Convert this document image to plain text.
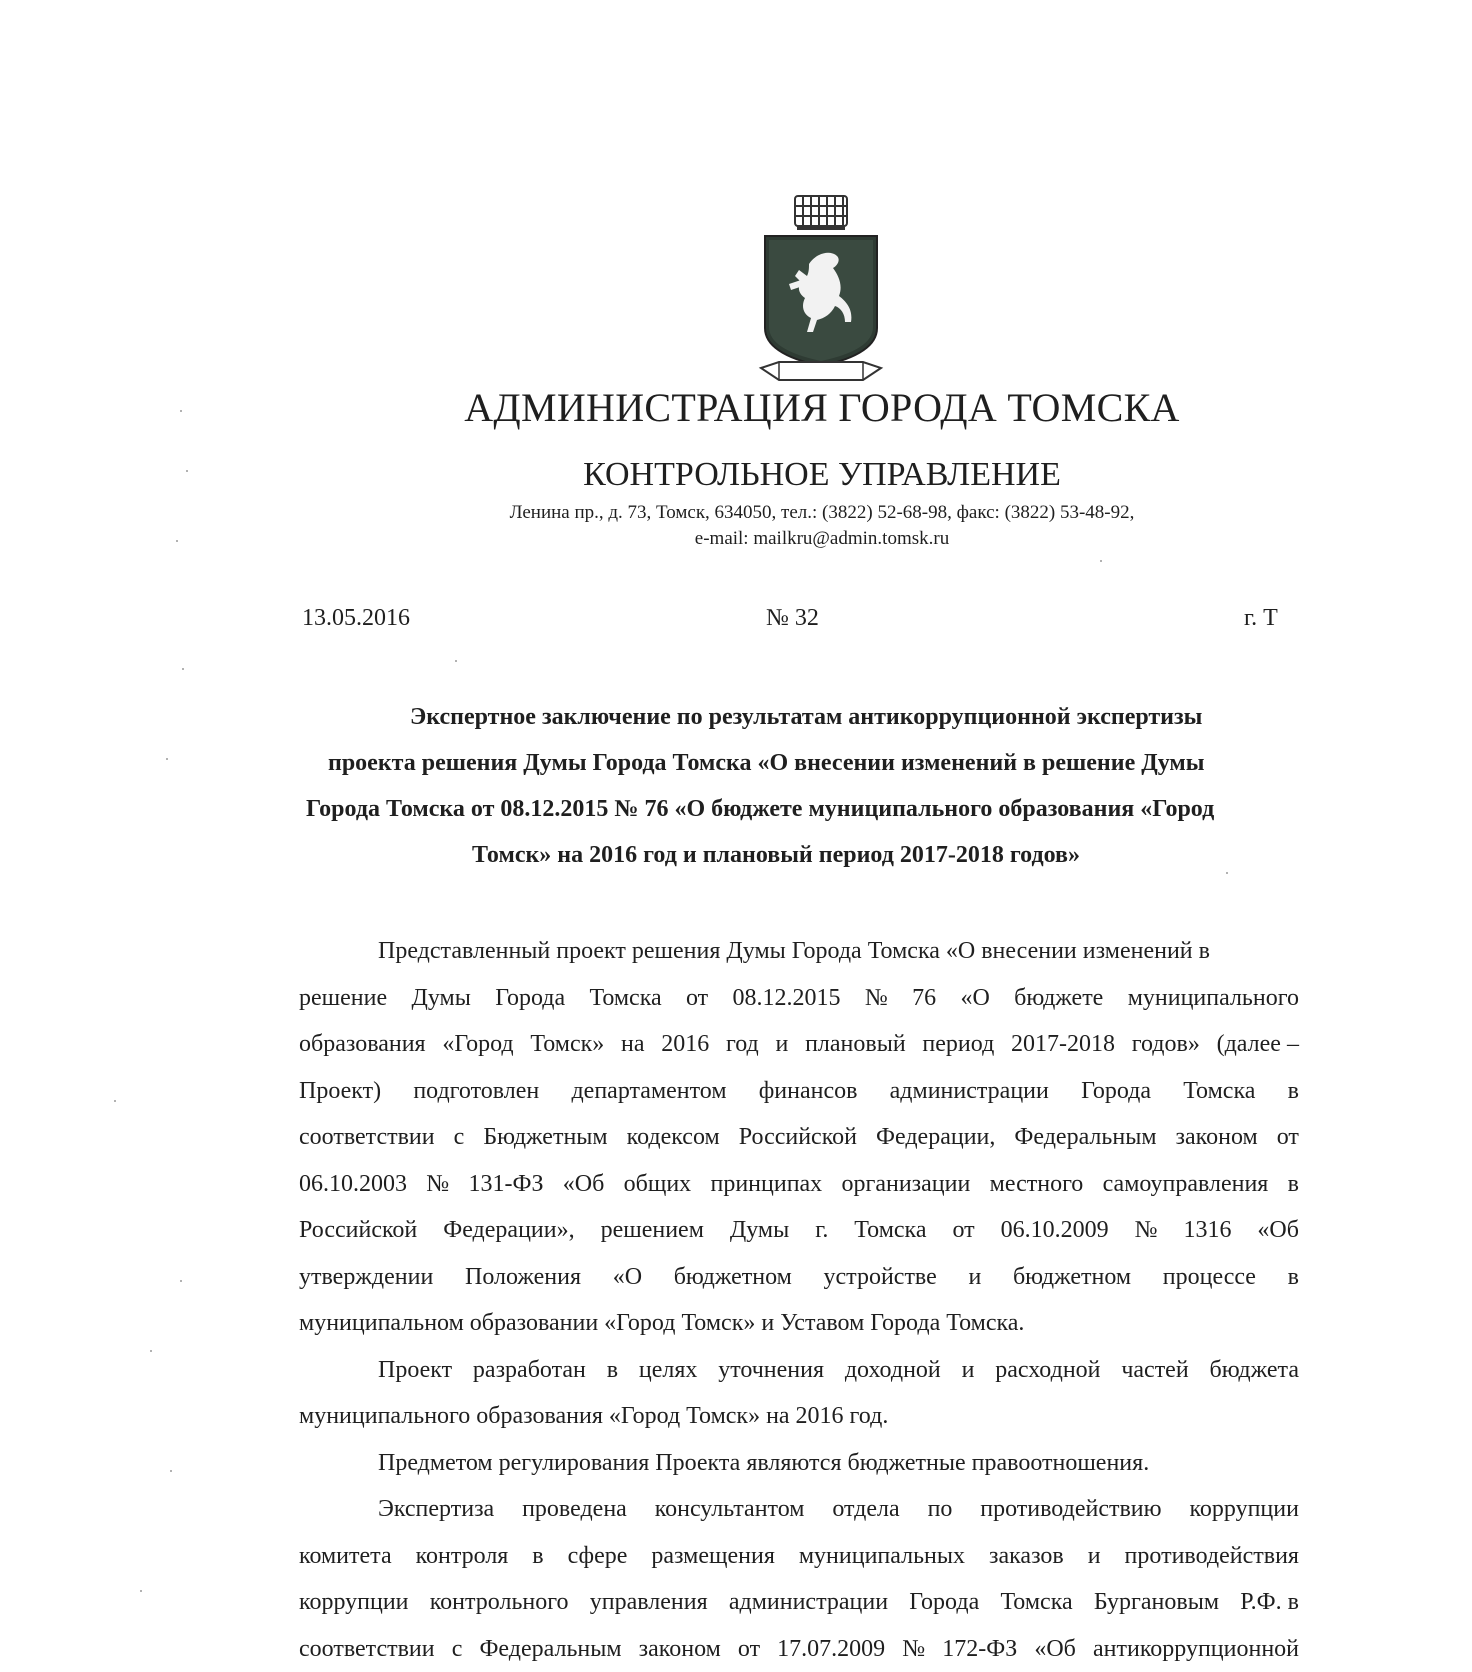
АДМИНИСТРАЦИЯ ГОРОДА ТОМСКА
КОНТРОЛЬНОЕ УПРАВЛЕНИЕ
Ленина пр., д. 73, Томск, 634050, тел.: (3822) 52-68-98, факс: (3822) 53-48-92,
e-mail: mailkru@admin.tomsk.ru
13.05.2016	№ 32	г. Т
Экспертное заключение по результатам антикоррупционной экспертизы
проекта решения Думы Города Томска «О внесении изменений в решение Думы
Города Томска от 08.12.2015 № 76 «О бюджете муниципального образования «Город
Томск» на 2016 год и плановый период 2017-2018 годов»

Представленный проект решения Думы Города Томска «О внесении изменений в

решение Думы Города Томска от 08.12.2015 № 76 «О бюджете муниципального

образования «Город Томск» на 2016 год и плановый период 2017-2018 годов» (далее –

Проект) подготовлен департаментом финансов администрации Города Томска в

соответствии с Бюджетным кодексом Российской Федерации, Федеральным законом от

06.10.2003 № 131-ФЗ «Об общих принципах организации местного самоуправления в

Российской Федерации», решением Думы г. Томска от 06.10.2009 № 1316 «Об

утверждении Положения «О бюджетном устройстве и бюджетном процессе в

муниципальном образовании «Город Томск» и Уставом Города Томска.

Проект разработан в целях уточнения доходной и расходной частей бюджета

муниципального образования «Город Томск» на 2016 год.

Предметом регулирования Проекта являются бюджетные правоотношения.

Экспертиза проведена консультантом отдела по противодействию коррупции

комитета контроля в сфере размещения муниципальных заказов и противодействия

коррупции контрольного управления администрации Города Томска Бургановым Р.Ф. в

соответствии с Федеральным законом от 17.07.2009 № 172-ФЗ «Об антикоррупционной
